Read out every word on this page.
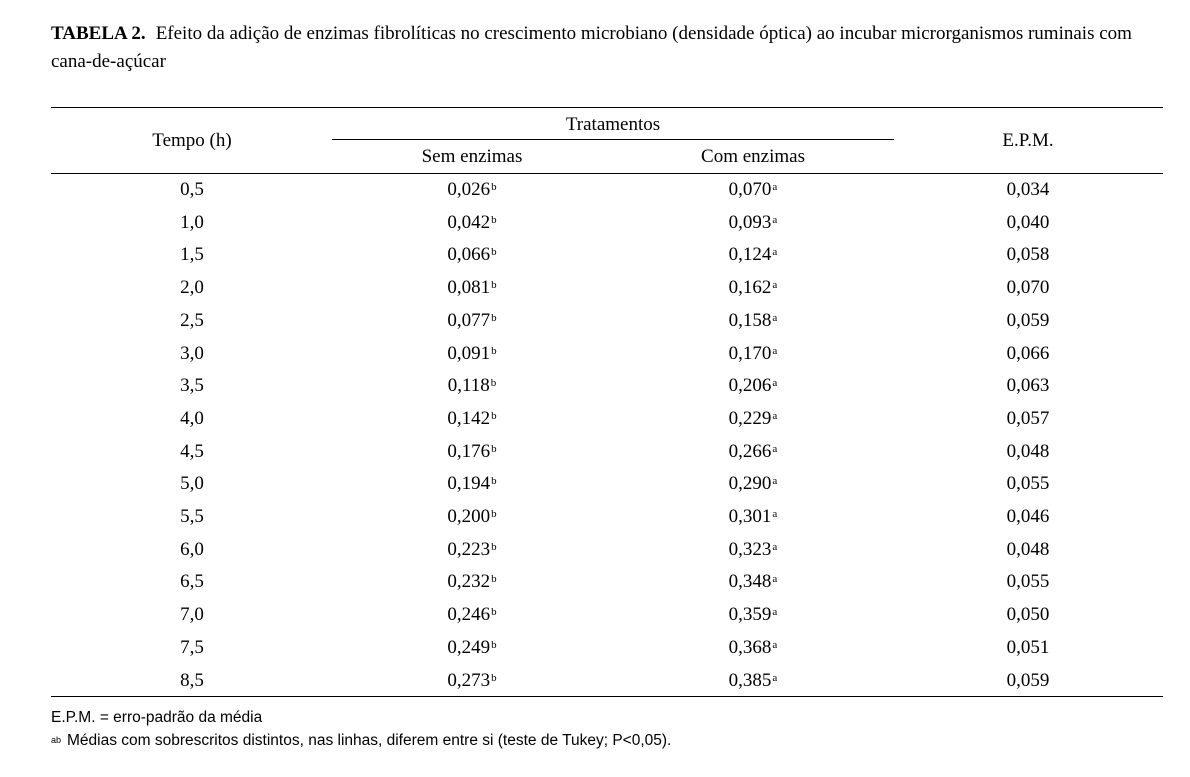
TABELA 2. Efeito da adição de enzimas fibrolíticas no crescimento microbiano (densidade óptica) ao incubar microrganismos ruminais com cana-de-açúcar
Tempo (h)
Tratamentos
Sem enzimas	Com enzimas
E.P.M.
0,5	0,026$^b$	0,070$^a$	0,034
1,0	0,042$^b$	0,093$^a$	0,040
1,5	0,066$^b$	0,124$^a$	0,058
2,0	0,081$^b$	0,162$^a$	0,070
2,5	0,077$^b$	0,158$^a$	0,059
3,0	0,091$^b$	0,170$^a$	0,066
3,5	0,118$^b$	0,206$^a$	0,063
4,0	0,142$^b$	0,229$^a$	0,057
4,5	0,176$^b$	0,266$^a$	0,048
5,0	0,194$^b$	0,290$^a$	0,055
5,5	0,200$^b$	0,301$^a$	0,046
6,0	0,223$^b$	0,323$^a$	0,048
6,5	0,232$^b$	0,348$^a$	0,055
7,0	0,246$^b$	0,359$^a$	0,050
7,5	0,249$^b$	0,368$^a$	0,051
8,5	0,273$^b$	0,385$^a$	0,059
E.P.M. = erro-padrão da média
$^{ab}$ Médias com sobrescritos distintos, nas linhas, diferem entre si (teste de Tukey; P<0,05).
